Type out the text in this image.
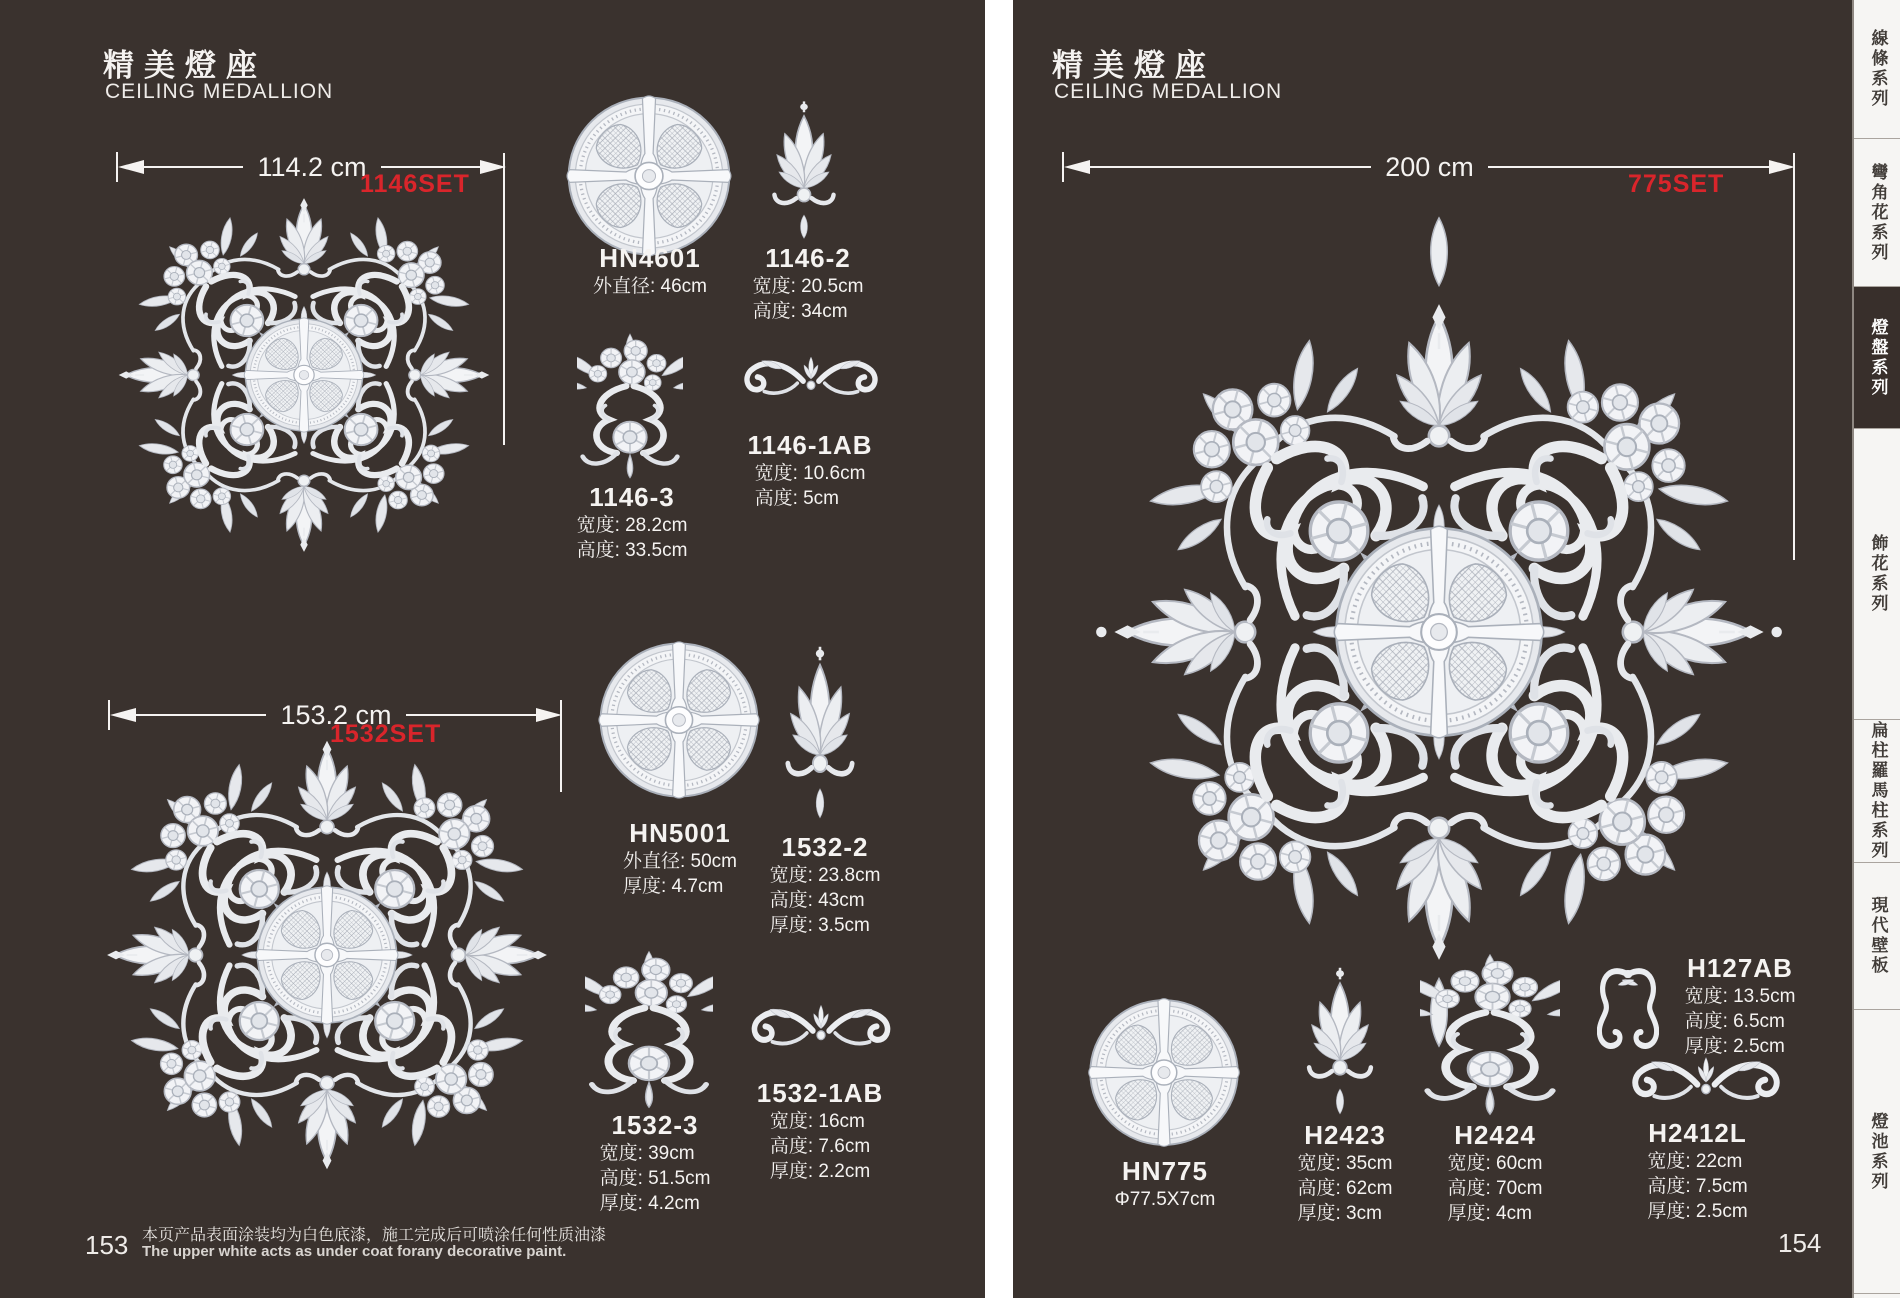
精美燈座
CEILING MEDALLION
114.2 cm
1146SET
HN4601
外直径: 46cm
1146-2
宽度: 20.5cm
高度: 34cm
1146-3
宽度: 28.2cm
高度: 33.5cm
1146-1AB
宽度: 10.6cm
高度: 5cm
153.2 cm
1532SET
HN5001
外直径: 50cm
厚度: 4.7cm
1532-2
宽度: 23.8cm
高度: 43cm
厚度: 3.5cm
1532-3
宽度: 39cm
高度: 51.5cm
厚度: 4.2cm
1532-1AB
宽度: 16cm
高度: 7.6cm
厚度: 2.2cm
153 本页产品表面涂装均为白色底漆，施工完成后可喷涂任何性质油漆
The upper white acts as under coat forany decorative paint.
精美燈座
CEILING MEDALLION
200 cm
775SET
HN775
Φ77.5X7cm
H2423
宽度: 35cm
高度: 62cm
厚度: 3cm
H2424
宽度: 60cm
高度: 70cm
厚度: 4cm
H127AB
宽度: 13.5cm
高度: 6.5cm
厚度: 2.5cm
H2412L
宽度: 22cm
高度: 7.5cm
厚度: 2.5cm
154
線條系列
彎角花系列
燈盤系列
飾花系列
扁柱羅馬柱系列
現代壁板
燈池系列
